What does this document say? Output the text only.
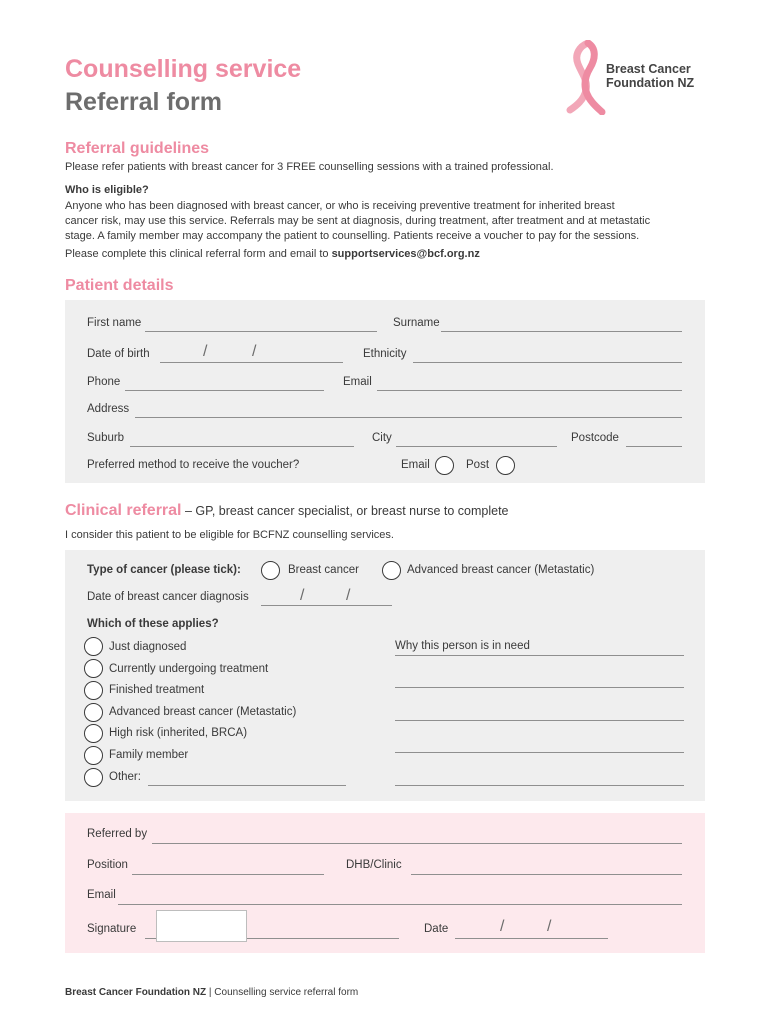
Counselling service
Referral form
Breast Cancer
Foundation NZ
Referral guidelines
Please refer patients with breast cancer for 3 FREE counselling sessions with a trained professional.
Who is eligible?
Anyone who has been diagnosed with breast cancer, or who is receiving preventive treatment for inherited breast
cancer risk, may use this service. Referrals may be sent at diagnosis, during treatment, after treatment and at metastatic
stage. A family member may accompany the patient to counselling. Patients receive a voucher to pay for the sessions.
Please complete this clinical referral form and email to supportservices@bcf.org.nz
Patient details
First name	Surname
Date of birth	/	/	Ethnicity
Phone	Email
Address
Suburb	City	Postcode
Preferred method to receive the voucher?	Email	Post
Clinical referral – GP, breast cancer specialist, or breast nurse to complete
I consider this patient to be eligible for BCFNZ counselling services.
Type of cancer (please tick):	Breast cancer	Advanced breast cancer (Metastatic)
Date of breast cancer diagnosis	/	/
Which of these applies?
Just diagnosed
Currently undergoing treatment
Finished treatment
Advanced breast cancer (Metastatic)
High risk (inherited, BRCA)
Family member
Other:
Why this person is in need
Referred by
Position	DHB/Clinic
Email
Signature	Date	/	/
Breast Cancer Foundation NZ | Counselling service referral form
